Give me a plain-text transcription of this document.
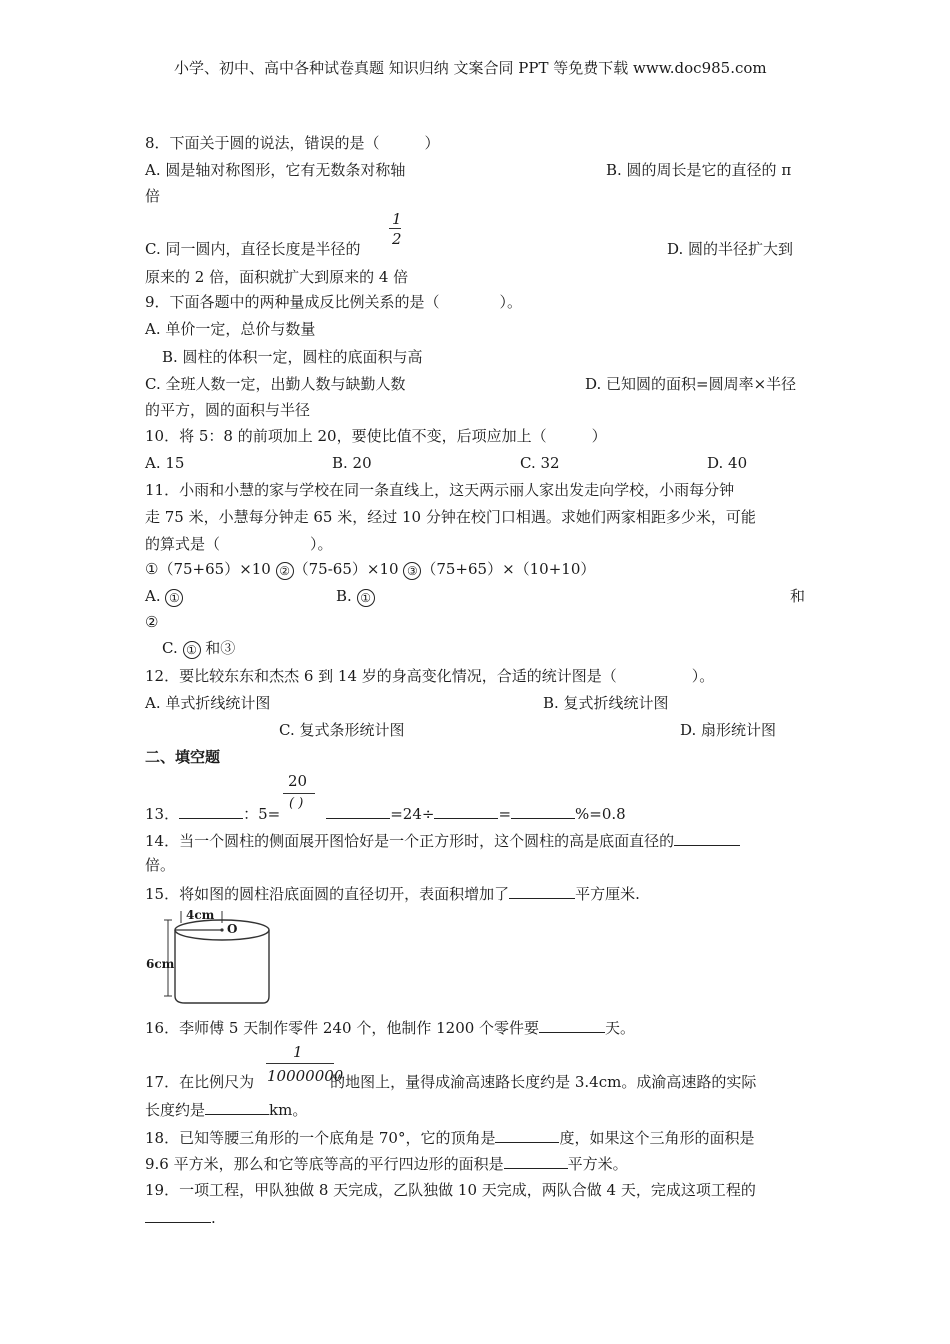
小学、初中、高中各种试卷真题 知识归纳 文案合同 PPT 等免费下载 www.doc985.com
8．下面关于圆的说法，错误的是（　　　）
A. 圆是轴对称图形，它有无数条对称轴	B. 圆的周长是它的直径的 π
倍
1
2
C. 同一圆内，直径长度是半径的	D. 圆的半径扩大到
原来的 2 倍，面积就扩大到原来的 4 倍
9．下面各题中的两种量成反比例关系的是（　　　　）。
A. 单价一定，总价与数量
B. 圆柱的体积一定，圆柱的底面积与高
C. 全班人数一定，出勤人数与缺勤人数	D. 已知圆的面积=圆周率×半径
的平方，圆的面积与半径
10．将 5：8 的前项加上 20，要使比值不变，后项应加上（　　　）
A. 15	B. 20	C. 32	D. 40
11．小雨和小慧的家与学校在同一条直线上，这天两示丽人家出发走向学校，小雨每分钟
走 75 米，小慧每分钟走 65 米，经过 10 分钟在校门口相遇。求她们两家相距多少米，可能
的算式是（　　　　　　）。
①（75+65）×10 ② （75-65）×10 ③ （75+65）×（10+10）
A. ①	B. ①	和
②
C. ① 和③
12．要比较东东和杰杰 6 到 14 岁的身高变化情况，合适的统计图是（　　　　　）。
A. 单式折线统计图	B. 复式折线统计图
C. 复式条形统计图	D. 扇形统计图
二、填空题
20
( )
13．	：5=	=24÷	=	%=0.8
14．当一个圆柱的侧面展开图恰好是一个正方形时，这个圆柱的高是底面直径的
倍。
15．将如图的圆柱沿底面圆的直径切开，表面积增加了	平方厘米.
4cm
O
6cm
16．李师傅 5 天制作零件 240 个，他制作 1200 个零件要	天。
1
10000000
17．在比例尺为	的地图上，量得成渝高速路长度约是 3.4cm。成渝高速路的实际
长度约是	km。
18．已知等腰三角形的一个底角是 70°，它的顶角是	度，如果这个三角形的面积是
9.6 平方米，那么和它等底等高的平行四边形的面积是	平方米。
19．一项工程，甲队独做 8 天完成，乙队独做 10 天完成，两队合做 4 天，完成这项工程的
.
